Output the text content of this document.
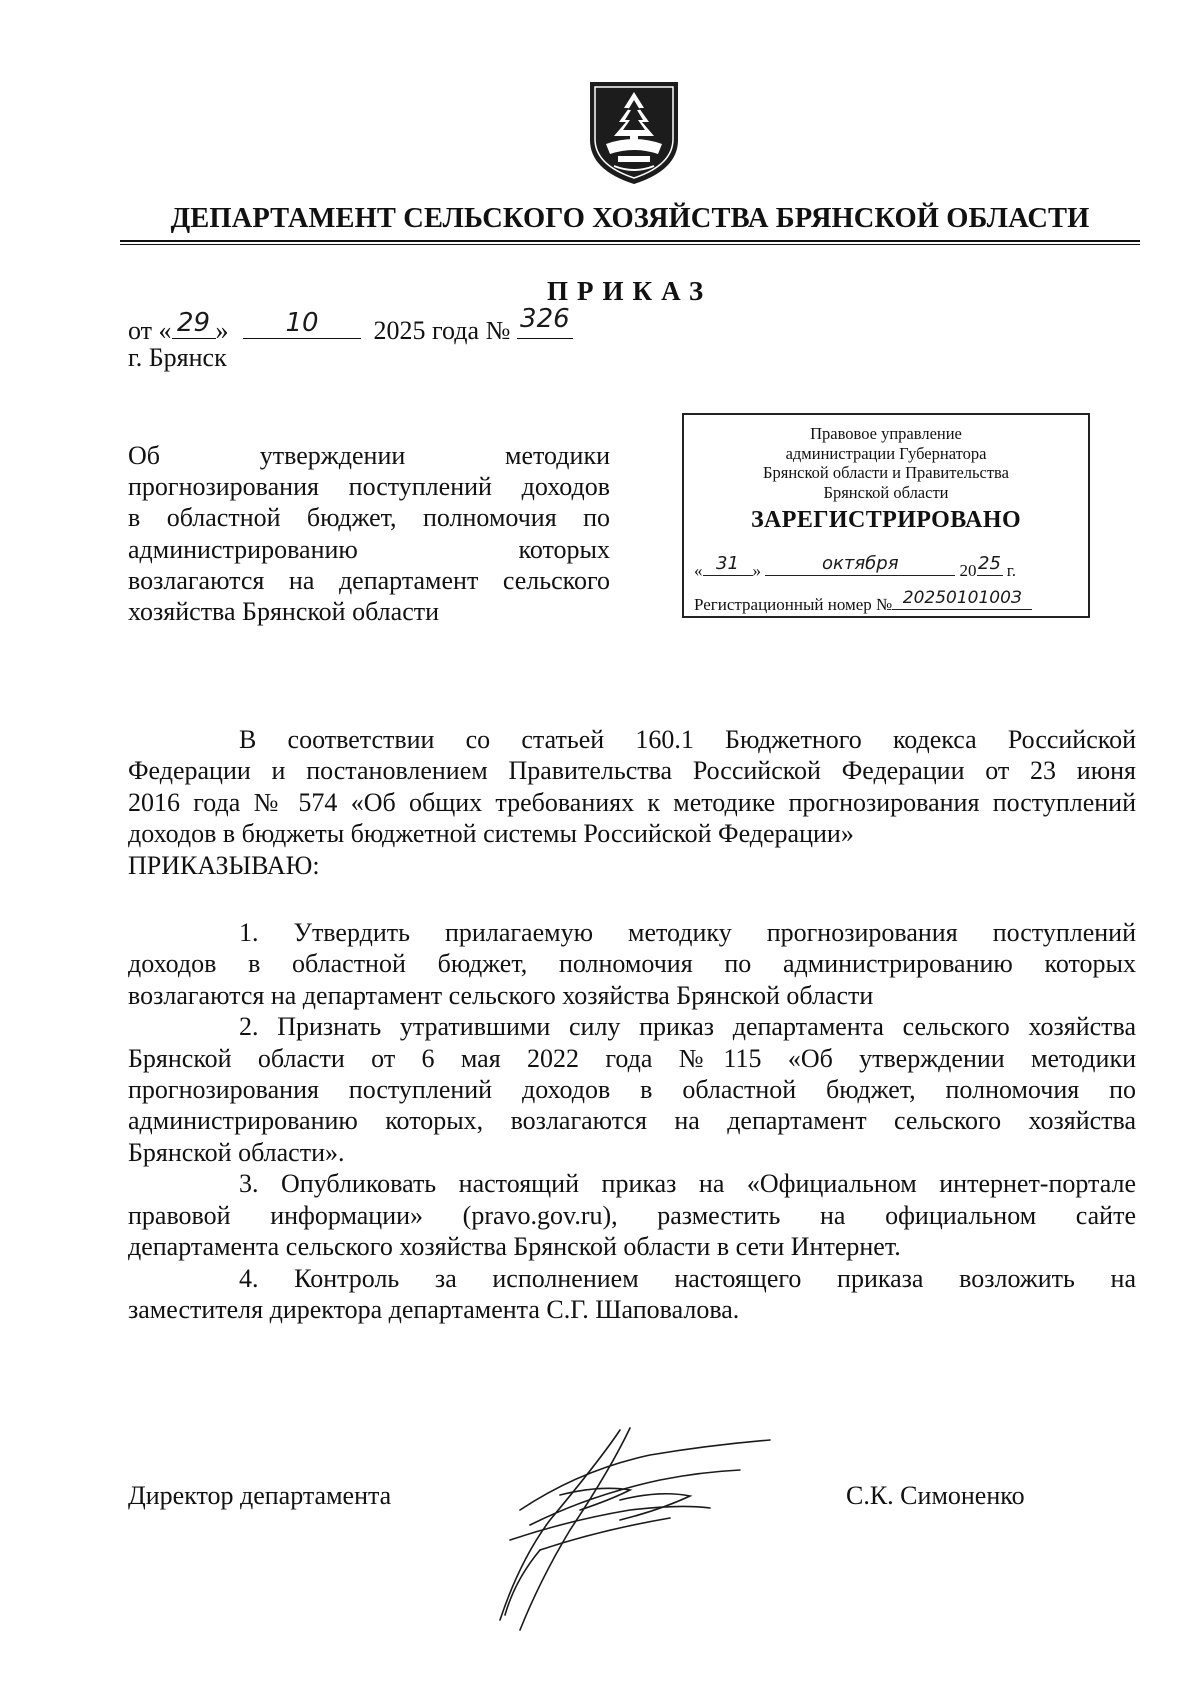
ДЕПАРТАМЕНТ СЕЛЬСКОГО ХОЗЯЙСТВА БРЯНСКОЙ ОБЛАСТИ
ПРИКАЗ
от « 29 »	10	2025 года № 326
г. Брянск
Об утверждении методики
прогнозирования поступлений доходов
в областной бюджет, полномочия по
администрированию которых
возлагаются на департамент сельского
хозяйства Брянской области
Правовое управление
администрации Губернатора
Брянской области и Правительства
Брянской области
ЗАРЕГИСТРИРОВАНО
« 31 »	октября	20 25 г.
Регистрационный номер № 2025010100З
В соответствии со статьей 160.1 Бюджетного кодекса Российской
Федерации и постановлением Правительства Российской Федерации от 23 июня
2016 года № 574 «Об общих требованиях к методике прогнозирования поступлений
доходов в бюджеты бюджетной системы Российской Федерации»
ПРИКАЗЫВАЮ:
1. Утвердить прилагаемую методику прогнозирования поступлений
доходов в областной бюджет, полномочия по администрированию которых
возлагаются на департамент сельского хозяйства Брянской области
2. Признать утратившими силу приказ департамента сельского хозяйства
Брянской области от 6 мая 2022 года №115 «Об утверждении методики
прогнозирования поступлений доходов в областной бюджет, полномочия по
администрированию которых, возлагаются на департамент сельского хозяйства
Брянской области».
3. Опубликовать настоящий приказ на «Официальном интернет-портале
правовой информации» (pravo.gov.ru), разместить на официальном сайте
департамента сельского хозяйства Брянской области в сети Интернет.
4. Контроль за исполнением настоящего приказа возложить на
заместителя директора департамента С.Г. Шаповалова.
Директор департамента	С.К. Симоненко
